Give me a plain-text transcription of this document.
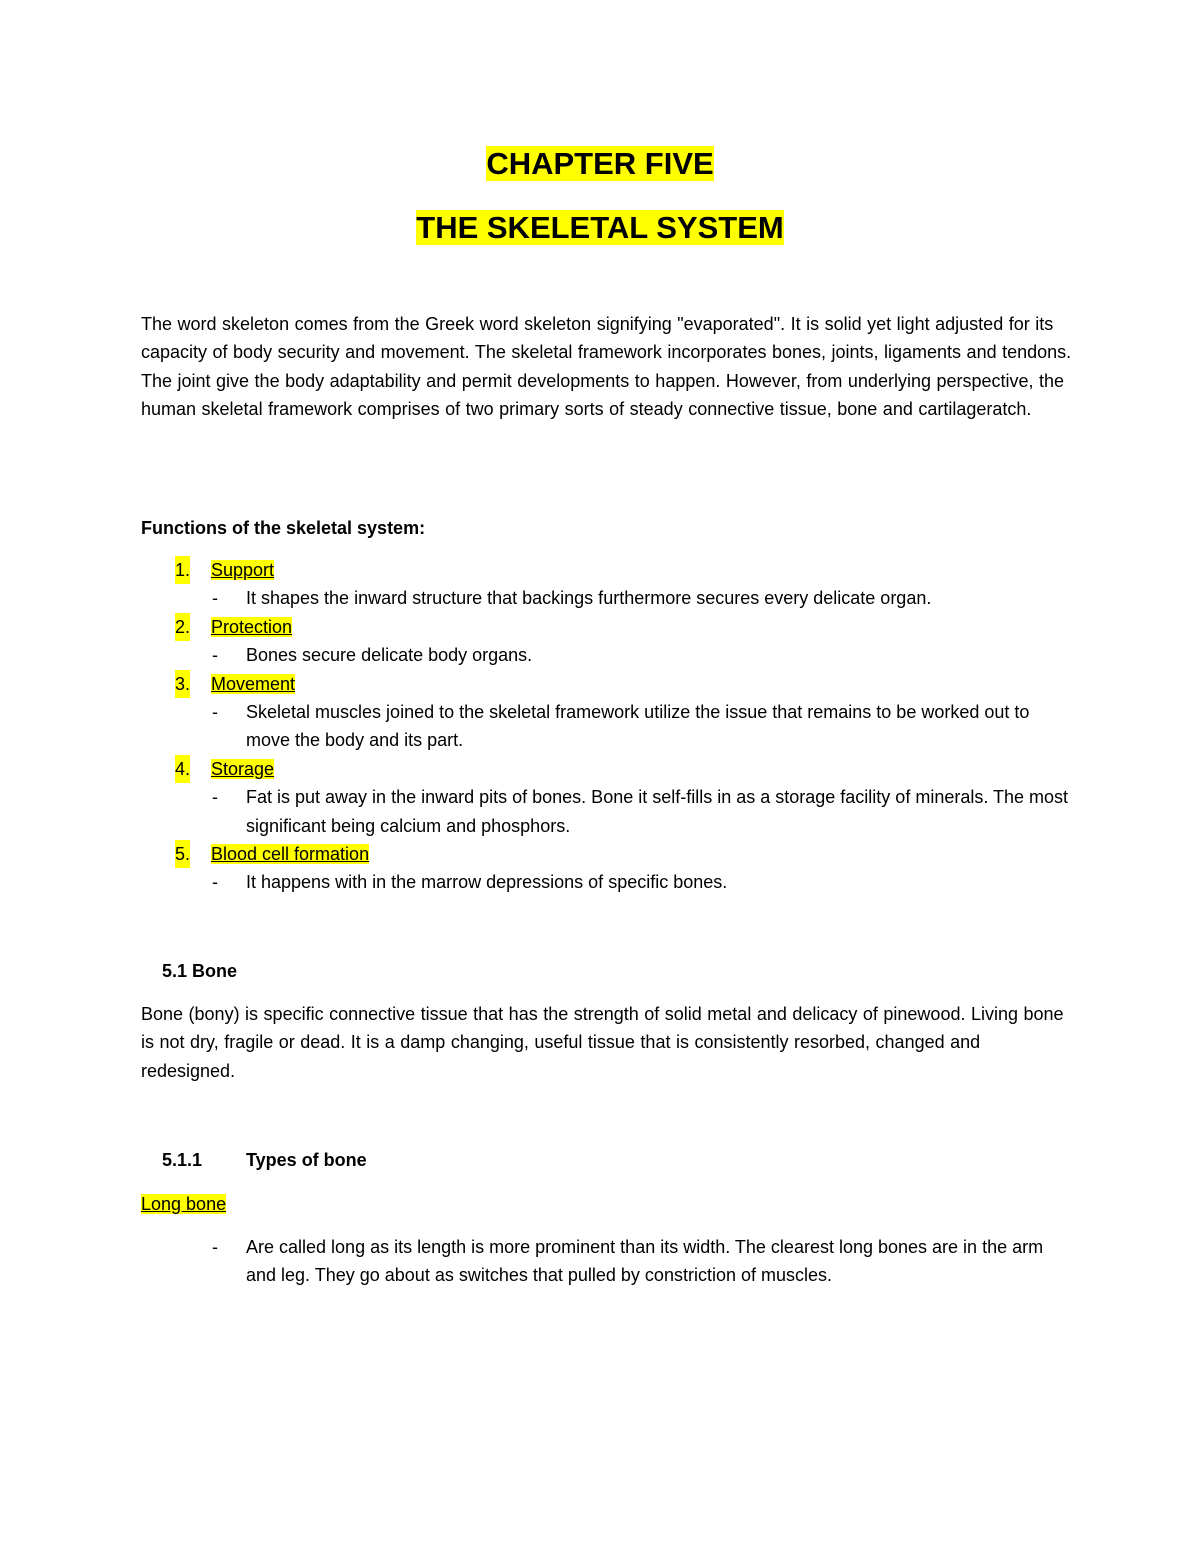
CHAPTER FIVE
THE SKELETAL SYSTEM
The word skeleton comes from the Greek word skeleton signifying "evaporated". It is solid yet light adjusted for its capacity of body security and movement. The skeletal framework incorporates bones, joints, ligaments and tendons. The joint give the body adaptability and permit developments to happen. However, from underlying perspective, the human skeletal framework comprises of two primary sorts of steady connective tissue, bone and cartilageratch.
Functions of the skeletal system:
1. Support
- It shapes the inward structure that backings furthermore secures every delicate organ.
2. Protection
- Bones secure delicate body organs.
3. Movement
- Skeletal muscles joined to the skeletal framework utilize the issue that remains to be worked out to move the body and its part.
4. Storage
- Fat is put away in the inward pits of bones. Bone it self-fills in as a storage facility of minerals. The most significant being calcium and phosphors.
5. Blood cell formation
- It happens with in the marrow depressions of specific bones.
5.1 Bone
Bone (bony) is specific connective tissue that has the strength of solid metal and delicacy of pinewood. Living bone is not dry, fragile or dead. It is a damp changing, useful tissue that is consistently resorbed, changed and redesigned.
5.1.1 Types of bone
Long bone
- Are called long as its length is more prominent than its width. The clearest long bones are in the arm and leg. They go about as switches that pulled by constriction of muscles.
